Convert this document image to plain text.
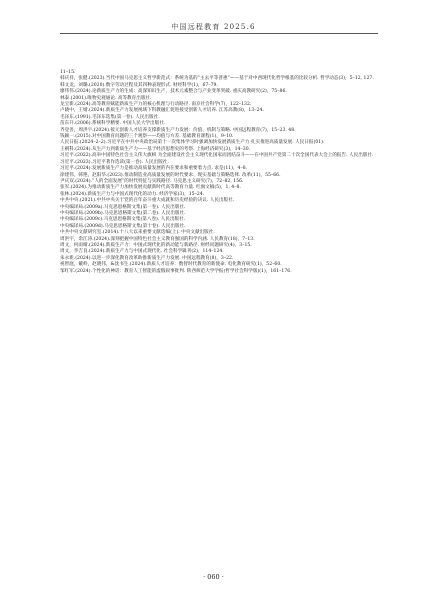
中国远程教育 2025.6
11–15.
韩庆祥，张健.(2023).当代中国马克思主义哲学新范式：系统为基的“主去平等普惠”——基于对中西现代化哲学根基的比较分析. 哲学动态(3)，5–12, 127.
韩文龙，刘璐.(2020).数字劳动过程及其四种表现形式. 财经科学(1)，67–79.
廖伟伟.(2024).论新质生产力的生成：高深知识生产、技术元素整合与产业变革突破. 重庆高教研究(2)，75–86.
林泰.(2001).唯物史观通论. 高等教育出版社.
龙宝新.(2024).高等教育赋能新质生产力的核心机理与行动路径. 南京社会科学(7)，122–132.
卢晓中，王婧.(2024).新质生产力发展视域下科教融汇促进接受创新人才培养. 江苏高教(8)，13–24.
毛泽东.(1991).毛泽东选集(第一卷). 人民出版社.
苗东升.(2006).系统科学精要. 中国人民大学出版社.
齐登善，周洪宇.(2024).接元创新人才培养支撑新质生产力发展：价值、机制与策略. 中国远程教育(7)，15–23, 48.
钱颖一.(2015).对中国教育问题的三个观察——均值与方差. 基础教育课程(1)，9–10.
人民日报.(2024–2–2).习近平在中共中央政治局第十一次集体学习时强调加快发展新质生产力 扎实推进高质量发展. 人民日报(01).
王朝科.(2024).从生产力到新质生产力——基于经济思想史的考察. 上海经济研究(3)，14–30.
习近平.(2022).高举中国特色社会主义伟大旗帜 为全面建设社会主义现代化国家而团结奋斗——在中国共产党第二十次全国代表大会上的报告. 人民出版社.
习近平.(2023).习近平著作选读(第一卷). 人民出版社.
习近平.(2024).发展新质生产力是推动高质量发展的内在要求和重要着力点. 求是(11)，4–8.
徐建伟，韩艳，赵阳华.(2023).推动制造业高质量发展的时代要求、现实基础与策略选择. 改革(11)，55–66.
尹庆双.(2024).“人的全面发展”的时代特征与实践路径. 马克思主义研究(7)，72–82, 156.
张军.(2024).为推动新质生产力加快发展贡献新时代高等教育力量. 红旗文稿(5)，1, 4–8.
张林.(2024).新质生产力与中国式现代化的动力. 经济学家(3)，15–24.
中共中央.(2021).中共中央关于党的百年奋斗重大成就和历史经验的决议. 人民出版社.
中央编译局.(2009a).马克思恩格斯文集(第一卷). 人民出版社.
中央编译局.(2009b).马克思恩格斯文集(第二卷). 人民出版社.
中央编译局.(2009c).马克思恩格斯文集(第八卷). 人民出版社.
中央编译局.(2009d).马克思恩格斯文集(第十卷). 人民出版社.
中共中央文献研究室.(2014).十八大以来重要文献选编(上). 中央文献出版社.
周洪宇，余江涛.(2024).深刻把握中国特色社会主义教育强国的科学内涵. 人民教育(18)，7–13.
周文，何雨晴.(2024).新质生产力：中国式现代化的新动能与新路径. 财经问题研究(4)，3–15.
周文，李吉良.(2024).新质生产力与中国式现代化. 社会科学辑刊(2)，114–124.
朱永新.(2024).以进一步深化教育改革助推新质生产力发展. 中国远程教育(8)，3–22.
祝智庭，戴岭，赵晓伟，&沈书生.(2024).新质人才培养：数智时代教育的新使命. 电化教育研究(1)，52–60.
邹红军.(2024).个性化的神话：教育人工智能的虚假叙事批判. 陕西师范大学学报(哲学社会科学版)(1)，161–176.
· 060 ·
